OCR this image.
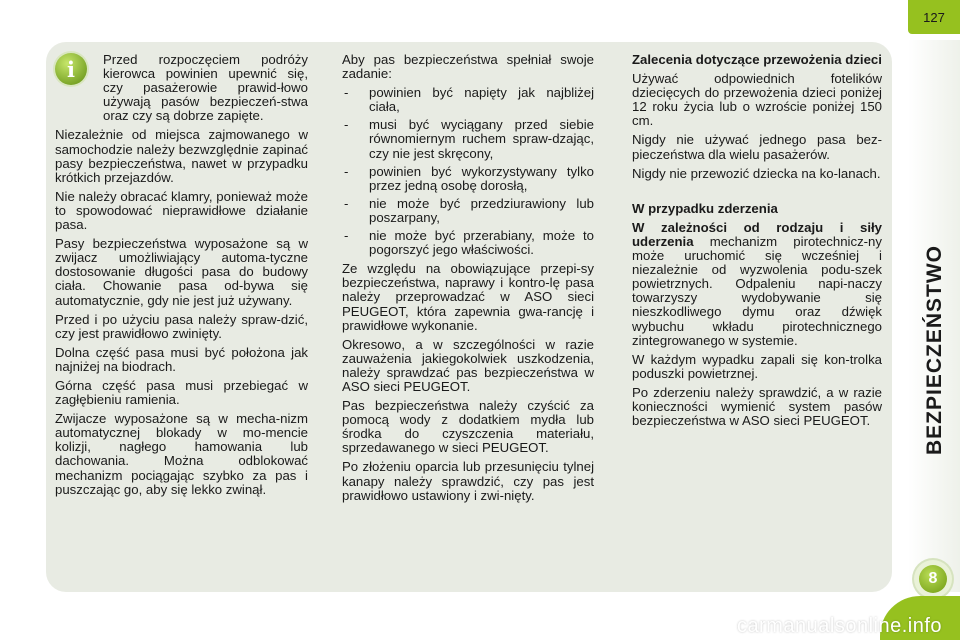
127
BEZPIECZEŃSTWO
8
i Przed rozpoczęciem podróży kierowca powinien upewnić się, czy pasażerowie prawid-łowo używają pasów bezpieczeń-stwa oraz czy są dobrze zapięte.

Niezależnie od miejsca zajmowanego w samochodzie należy bezwzględnie zapinać pasy bezpieczeństwa, nawet w przypadku krótkich przejazdów.

Nie należy obracać klamry, ponieważ może to spowodować nieprawidłowe działanie pasa.

Pasy bezpieczeństwa wyposażone są w zwijacz umożliwiający automa-tyczne dostosowanie długości pasa do budowy ciała. Chowanie pasa od-bywa się automatycznie, gdy nie jest już używany.

Przed i po użyciu pasa należy spraw-dzić, czy jest prawidłowo zwinięty.

Dolna część pasa musi być położona jak najniżej na biodrach.

Górna część pasa musi przebiegać w zagłębieniu ramienia.

Zwijacze wyposażone są w mecha-nizm automatycznej blokady w mo-mencie kolizji, nagłego hamowania lub dachowania. Można odblokować mechanizm pociągając szybko za pas i puszczając go, aby się lekko zwinął.

Aby pas bezpieczeństwa spełniał swoje zadanie:

- powinien być napięty jak najbliżej ciała,
- musi być wyciągany przed siebie równomiernym ruchem spraw-dzając, czy nie jest skręcony,
- powinien być wykorzystywany tylko przez jedną osobę dorosłą,
- nie może być przedziurawiony lub poszarpany,
- nie może być przerabiany, może to pogorszyć jego właściwości.

Ze względu na obowiązujące przepi-sy bezpieczeństwa, naprawy i kontro-lę pasa należy przeprowadzać w ASO sieci PEUGEOT, która zapewnia gwa-rancję i prawidłowe wykonanie.

Okresowo, a w szczególności w razie zauważenia jakiegokolwiek uszkodzenia, należy sprawdzać pas bezpieczeństwa w ASO sieci PEUGEOT.

Pas bezpieczeństwa należy czyścić za pomocą wody z dodatkiem mydła lub środka do czyszczenia materiału, sprzedawanego w sieci PEUGEOT.

Po złożeniu oparcia lub przesunięciu tylnej kanapy należy sprawdzić, czy pas jest prawidłowo ustawiony i zwi-nięty.

Zalecenia dotyczące przewożenia dzieci

Używać odpowiednich fotelików dziecięcych do przewożenia dzieci poniżej 12 roku życia lub o wzroście poniżej 150 cm.

Nigdy nie używać jednego pasa bez-pieczeństwa dla wielu pasażerów.

Nigdy nie przewozić dziecka na ko-lanach.

W przypadku zderzenia

W zależności od rodzaju i siły uderzenia mechanizm pirotechnicz-ny może uruchomić się wcześniej i niezależnie od wyzwolenia podu-szek powietrznych. Odpaleniu napi-naczy towarzyszy wydobywanie się nieszkodliwego dymu oraz dźwięk wybuchu wkładu pirotechnicznego zintegrowanego w systemie.

W każdym wypadku zapali się kon-trolka poduszki powietrznej.

Po zderzeniu należy sprawdzić, a w razie konieczności wymienić system pasów bezpieczeństwa w ASO sieci PEUGEOT.

carmanualsonline.info
